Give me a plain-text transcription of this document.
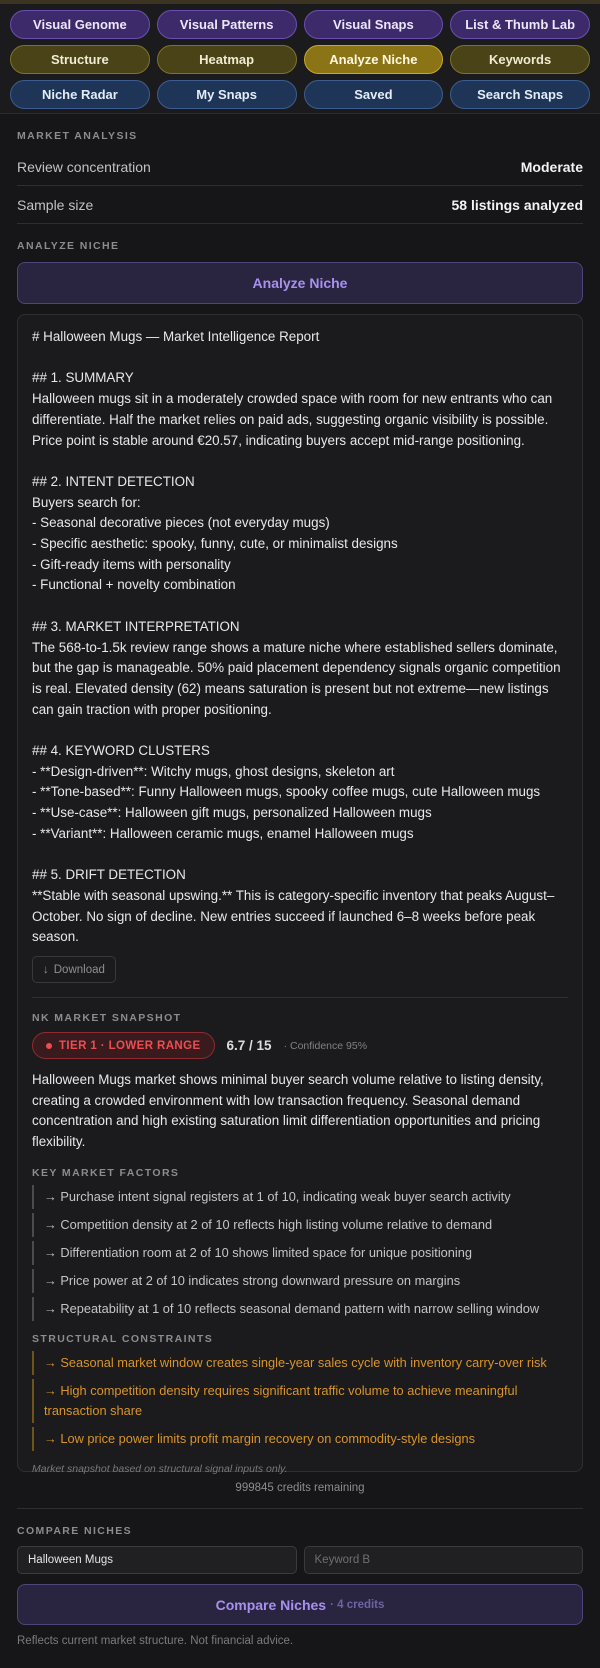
Visual Genome	Visual Patterns	Visual Snaps	List & Thumb Lab
Structure	Heatmap	Analyze Niche	Keywords
Niche Radar	My Snaps	Saved	Search Snaps
MARKET ANALYSIS
Review concentration	Moderate
Sample size	58 listings analyzed
ANALYZE NICHE
Analyze Niche

# Halloween Mugs — Market Intelligence Report

## 1. SUMMARY

Halloween mugs sit in a moderately crowded space with room for new entrants who can differentiate. Half the market relies on paid ads, suggesting organic visibility is possible. Price point is stable around €20.57, indicating buyers accept mid-range positioning.

## 2. INTENT DETECTION

Buyers search for:

- Seasonal decorative pieces (not everyday mugs)

- Specific aesthetic: spooky, funny, cute, or minimalist designs

- Gift-ready items with personality

- Functional + novelty combination

## 3. MARKET INTERPRETATION

The 568-to-1.5k review range shows a mature niche where established sellers dominate, but the gap is manageable. 50% paid placement dependency signals organic competition is real. Elevated density (62) means saturation is present but not extreme—new listings can gain traction with proper positioning.

## 4. KEYWORD CLUSTERS

- **Design-driven**: Witchy mugs, ghost designs, skeleton art

- **Tone-based**: Funny Halloween mugs, spooky coffee mugs, cute Halloween mugs

- **Use-case**: Halloween gift mugs, personalized Halloween mugs

- **Variant**: Halloween ceramic mugs, enamel Halloween mugs

## 5. DRIFT DETECTION

**Stable with seasonal upswing.** This is category-specific inventory that peaks August–October. No sign of decline. New entries succeed if launched 6–8 weeks before peak season.

↓ Download
NK MARKET SNAPSHOT
TIER 1 · LOWER RANGE 6.7 / 15 · Confidence 95%
Halloween Mugs market shows minimal buyer search volume relative to listing density, creating a crowded environment with low transaction frequency. Seasonal demand concentration and high existing saturation limit differentiation opportunities and pricing flexibility.
KEY MARKET FACTORS
→ Purchase intent signal registers at 1 of 10, indicating weak buyer search activity
→ Competition density at 2 of 10 reflects high listing volume relative to demand
→ Differentiation room at 2 of 10 shows limited space for unique positioning
→ Price power at 2 of 10 indicates strong downward pressure on margins
→ Repeatability at 1 of 10 reflects seasonal demand pattern with narrow selling window
STRUCTURAL CONSTRAINTS
→ Seasonal market window creates single-year sales cycle with inventory carry-over risk
→ High competition density requires significant traffic volume to achieve meaningful transaction share
→ Low price power limits profit margin recovery on commodity-style designs
Market snapshot based on structural signal inputs only.
999845 credits remaining
COMPARE NICHES
Halloween Mugs
Keyword B
Compare Niches · 4 credits
Reflects current market structure. Not financial advice.
